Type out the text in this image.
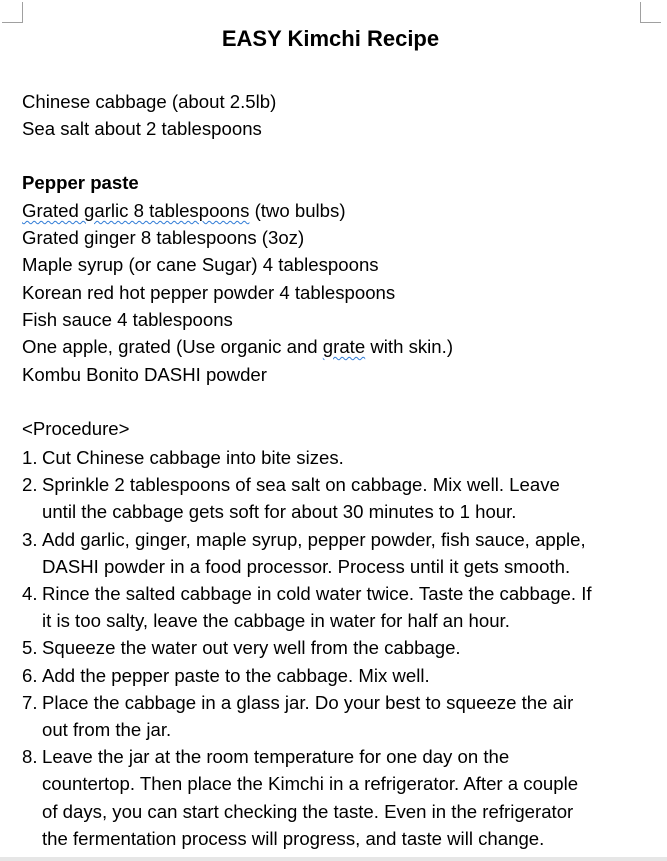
EASY Kimchi Recipe
Chinese cabbage (about 2.5lb)
Sea salt about 2 tablespoons
Pepper paste
Grated garlic 8 tablespoons (two bulbs)
Grated ginger 8 tablespoons (3oz)
Maple syrup (or cane Sugar) 4 tablespoons
Korean red hot pepper powder 4 tablespoons
Fish sauce 4 tablespoons
One apple, grated (Use organic and grate with skin.)
Kombu Bonito DASHI powder
<Procedure>
1. Cut Chinese cabbage into bite sizes.
2. Sprinkle 2 tablespoons of sea salt on cabbage. Mix well. Leave
until the cabbage gets soft for about 30 minutes to 1 hour.
3. Add garlic, ginger, maple syrup, pepper powder, fish sauce, apple,
DASHI powder in a food processor. Process until it gets smooth.
4. Rince the salted cabbage in cold water twice. Taste the cabbage. If
it is too salty, leave the cabbage in water for half an hour.
5. Squeeze the water out very well from the cabbage.
6. Add the pepper paste to the cabbage. Mix well.
7. Place the cabbage in a glass jar. Do your best to squeeze the air
out from the jar.
8. Leave the jar at the room temperature for one day on the
countertop. Then place the Kimchi in a refrigerator. After a couple
of days, you can start checking the taste. Even in the refrigerator
the fermentation process will progress, and taste will change.
